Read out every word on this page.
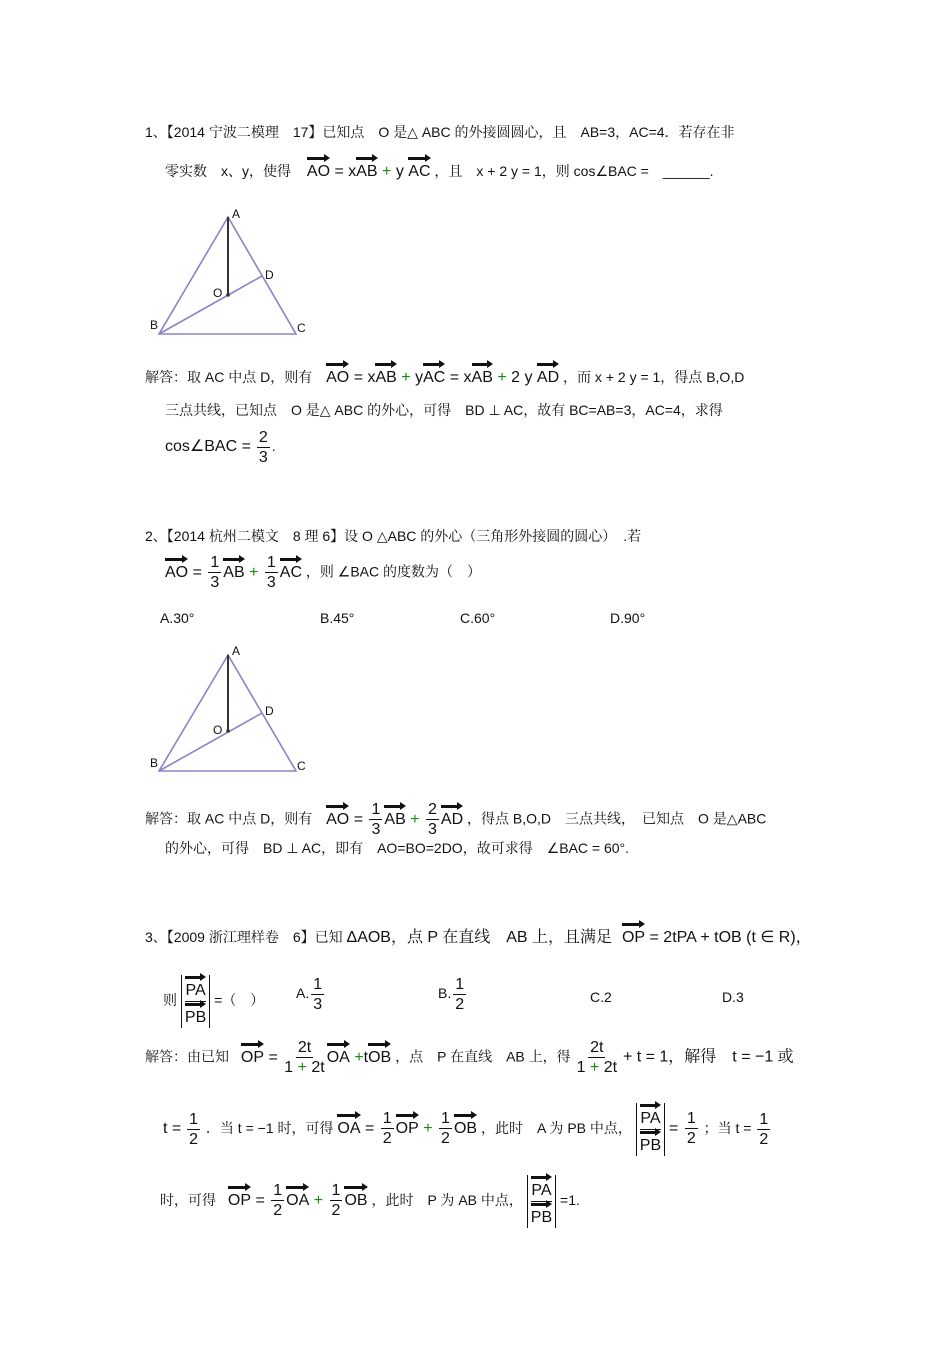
1、【2014 宁波二模理　17】已知点　O 是△ ABC 的外接圆圆心，且　AB=3，AC=4．若存在非
零实数　x、y，使得 AO = xAB + y AC ，且　x + 2 y = 1，则 cos∠BAC =　______.
A
B	C
D
O
解答：取 AC 中点 D，则有 AO = xAB + yAC = xAB + 2 y AD ，而 x + 2 y = 1，得点 B,O,D
三点共线，已知点　O 是△ ABC 的外心，可得　BD ⊥ AC，故有 BC=AB=3，AC=4，求得
cos∠BAC = $\frac{2}{3}$ .
2、【2014 杭州二模文　8 理 6】设 O △ABC 的外心（三角形外接圆的圆心）　.若
AO = $\frac{1}{3}$ AB + $\frac{1}{3}$ AC ，则 ∠BAC 的度数为（　）
A.30°	B.45°	C.60°	D.90°
A
B	C
D
O
解答：取 AC 中点 D，则有 AO = $\frac{1}{3}$ AB + $\frac{2}{3}$ AD ，得点 B,O,D　三点共线，　已知点　O 是△ABC
的外心，可得　BD ⊥ AC，即有　AO=BO=2DO，故可求得　∠BAC = 60°.
3、【2009 浙江理样卷　6】已知 ΔAOB，点 P 在直线　AB 上，且满足 OP = 2tPA + tOB (t ∈ R)，
则 $\frac{PA}{PB}$ =（　） A. $\frac{1}{3}$	B. $\frac{1}{2}$	C.2	D.3
解答：由已知 OP = $\frac{2t}{1 + 2t}$ OA +tOB ，点　P 在直线　AB 上，得 $\frac{2t}{1 + 2t} + t = 1$，解得　t = −1 或
$t = \frac{1}{2}$ ．当 t = −1 时，可得 OA = $\frac{1}{2}$ OP + $\frac{1}{2}$ OB ，此时　A 为 PB 中点， $\frac{PA}{PB} = \frac{1}{2}$ ；当 $t = \frac{1}{2}$
时，可得 OP = $\frac{1}{2}$ OA + $\frac{1}{2}$ OB ，此时　P 为 AB 中点， $\frac{PA}{PB} =1$.
